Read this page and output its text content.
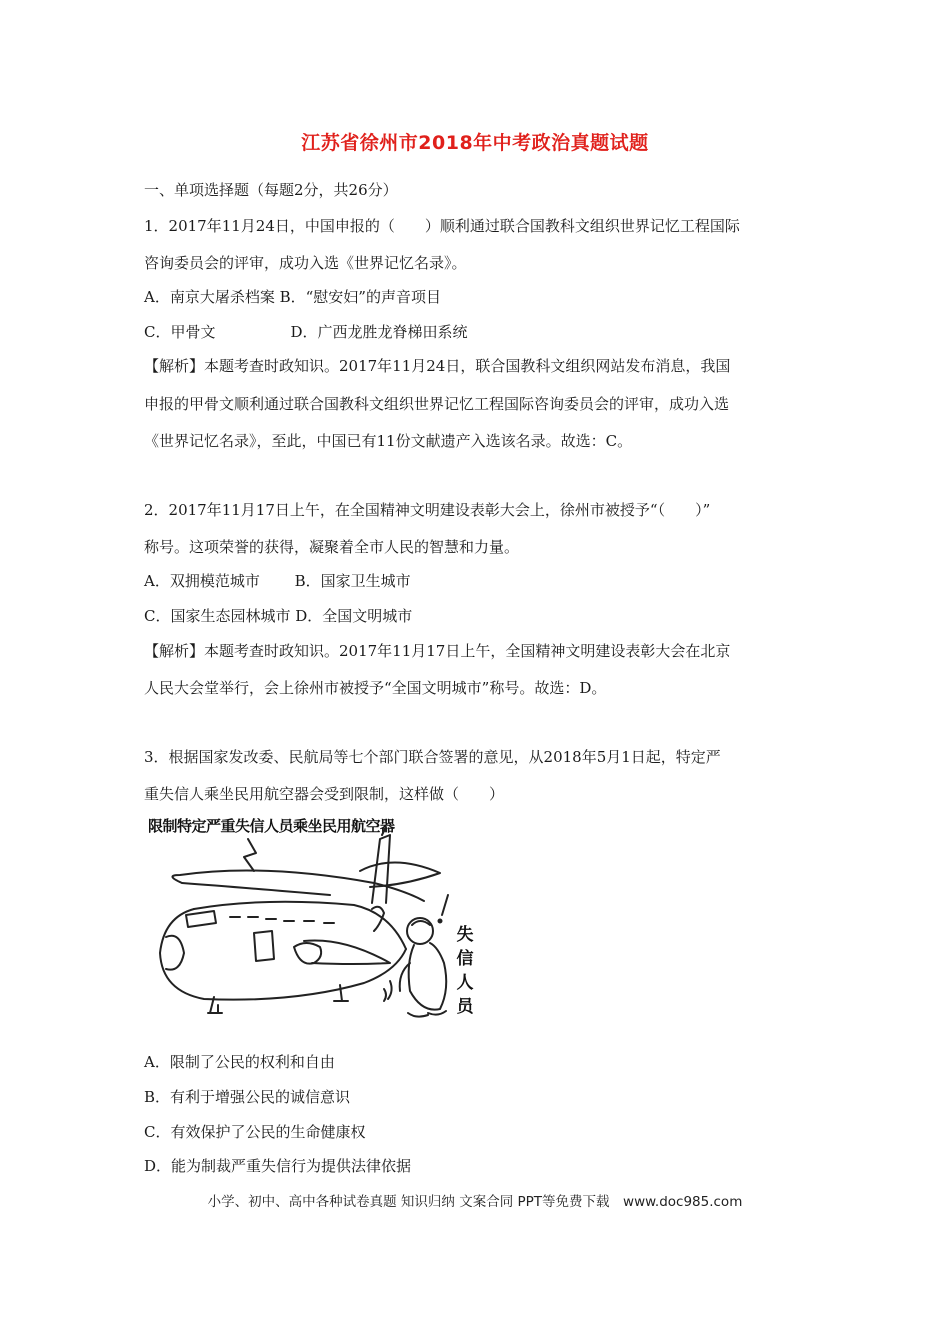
江苏省徐州市2018年中考政治真题试题
一、单项选择题（每题2分，共26分）
1．2017年11月24日，中国申报的（　　）顺利通过联合国教科文组织世界记忆工程国际
咨询委员会的评审，成功入选《世界记忆名录》。
A．南京大屠杀档案 B．“慰安妇”的声音项目
C．甲骨文　　　　　D．广西龙胜龙脊梯田系统
【解析】本题考查时政知识。2017年11月24日，联合国教科文组织网站发布消息，我国
申报的甲骨文顺利通过联合国教科文组织世界记忆工程国际咨询委员会的评审，成功入选
《世界记忆名录》，至此，中国已有11份文献遗产入选该名录。故选：C。
2．2017年11月17日上午，在全国精神文明建设表彰大会上，徐州市被授予“（　　）”
称号。这项荣誉的获得，凝聚着全市人民的智慧和力量。
A．双拥模范城市　　 B．国家卫生城市
C．国家生态园林城市 D．全国文明城市
【解析】本题考查时政知识。2017年11月17日上午，全国精神文明建设表彰大会在北京
人民大会堂举行，会上徐州市被授予“全国文明城市”称号。故选：D。
3．根据国家发改委、民航局等七个部门联合签署的意见，从2018年5月1日起，特定严
重失信人乘坐民用航空器会受到限制，这样做（　　）
限制特定严重失信人员乘坐民用航空器
失信人员
A．限制了公民的权利和自由
B．有利于增强公民的诚信意识
C．有效保护了公民的生命健康权
D．能为制裁严重失信行为提供法律依据
小学、初中、高中各种试卷真题 知识归纳 文案合同 PPT等免费下载　www.doc985.com
